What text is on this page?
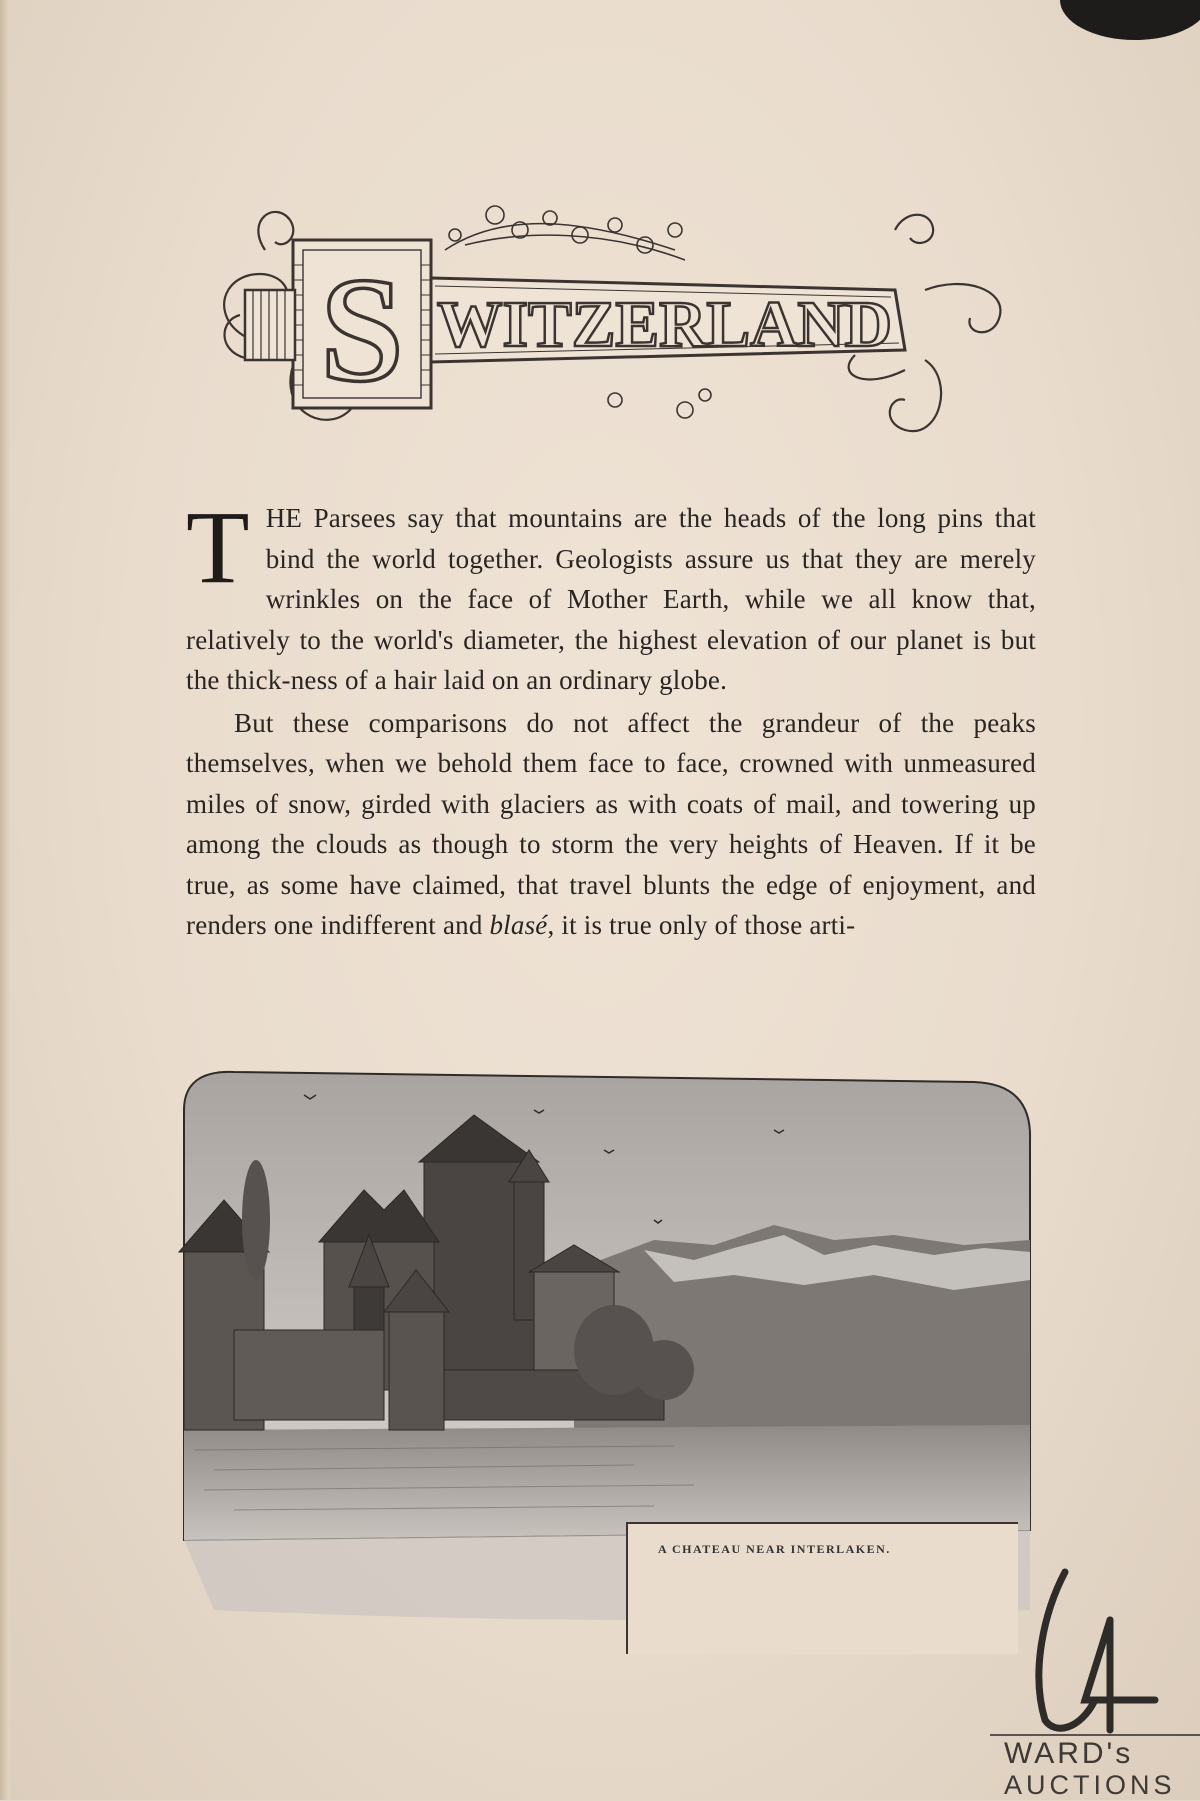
S WITZERLAND

THE Parsees say that mountains are the heads of the long pins that bind the world together. Geologists assure us that they are merely wrinkles on the face of Mother Earth, while we all know that, relatively to the world's diameter, the highest elevation of our planet is but the thick-ness of a hair laid on an ordinary globe.

But these comparisons do not affect the grandeur of the peaks themselves, when we behold them face to face, crowned with unmeasured miles of snow, girded with glaciers as with coats of mail, and towering up among the clouds as though to storm the very heights of Heaven. If it be true, as some have claimed, that travel blunts the edge of enjoyment, and renders one indifferent and blasé, it is true only of those arti-

A CHATEAU NEAR INTERLAKEN.
WARD's
AUCTIONS
